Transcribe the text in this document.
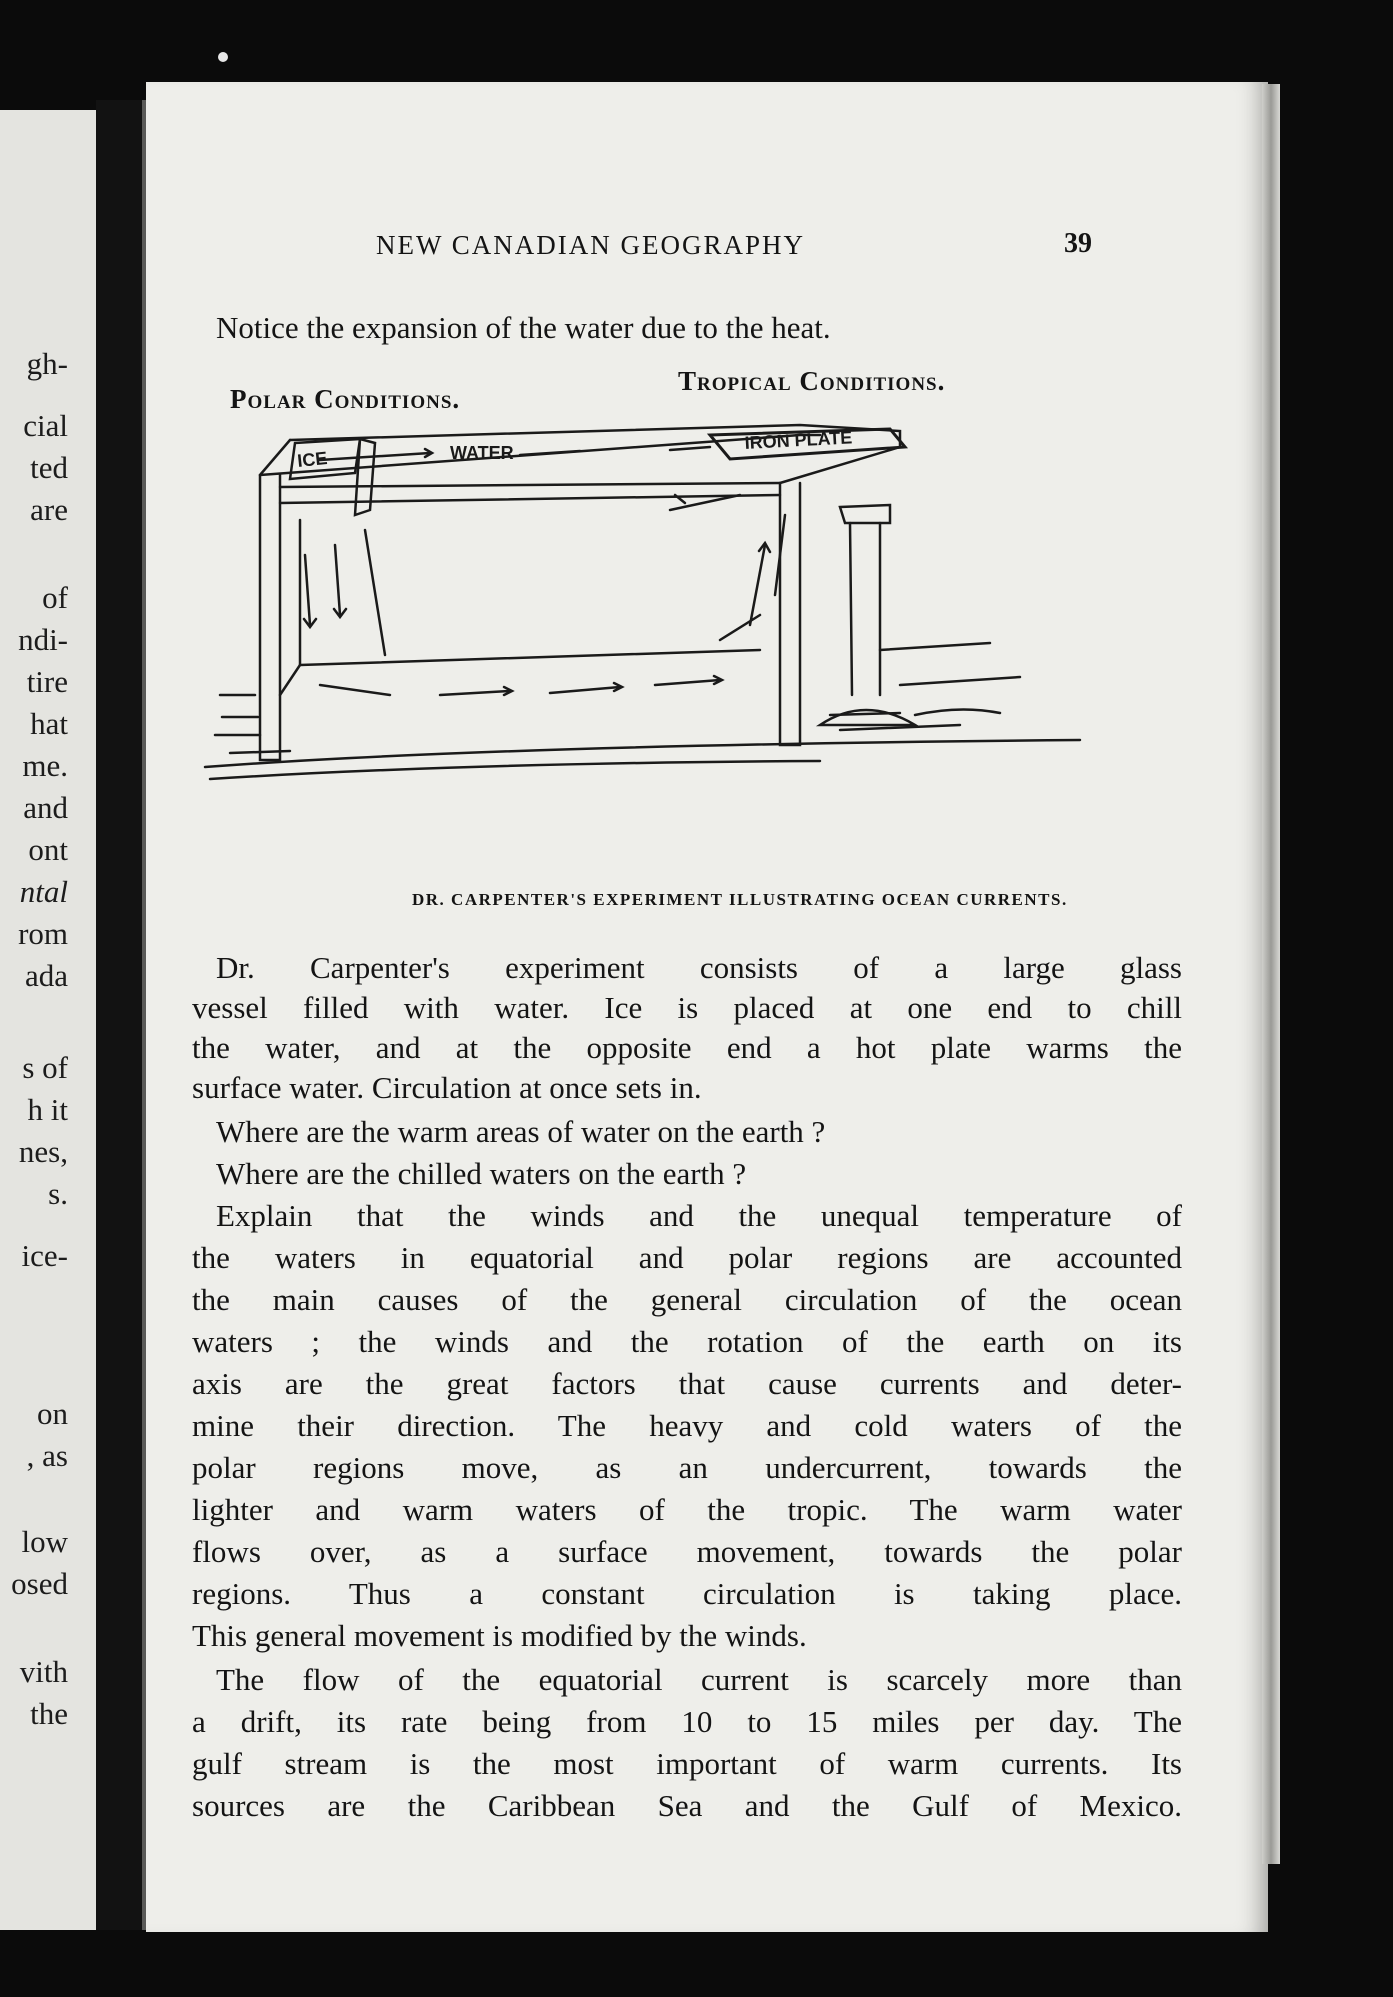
gh-
cial
ted
are
of
ndi-
tire
hat
me.
and
ont
ntal
rom
ada
s of
h it
nes,
s.
ice-
on
, as
low
osed
vith
the
NEW CANADIAN GEOGRAPHY	39
Notice the expansion of the water due to the heat.
Polar Conditions.
Tropical Conditions.
DR. CARPENTER'S EXPERIMENT ILLUSTRATING OCEAN CURRENTS.
Dr. Carpenter's experiment consists of a large glass
vessel filled with water. Ice is placed at one end to chill
the water, and at the opposite end a hot plate warms the
surface water. Circulation at once sets in.
Where are the warm areas of water on the earth ?
Where are the chilled waters on the earth ?
Explain that the winds and the unequal temperature of
the waters in equatorial and polar regions are accounted
the main causes of the general circulation of the ocean
waters ; the winds and the rotation of the earth on its
axis are the great factors that cause currents and deter-
mine their direction. The heavy and cold waters of the
polar regions move, as an undercurrent, towards the
lighter and warm waters of the tropic. The warm water
flows over, as a surface movement, towards the polar
regions. Thus a constant circulation is taking place.
This general movement is modified by the winds.
The flow of the equatorial current is scarcely more than
a drift, its rate being from 10 to 15 miles per day. The
gulf stream is the most important of warm currents. Its
sources are the Caribbean Sea and the Gulf of Mexico.
ICE	WATER
IRON PLATE
